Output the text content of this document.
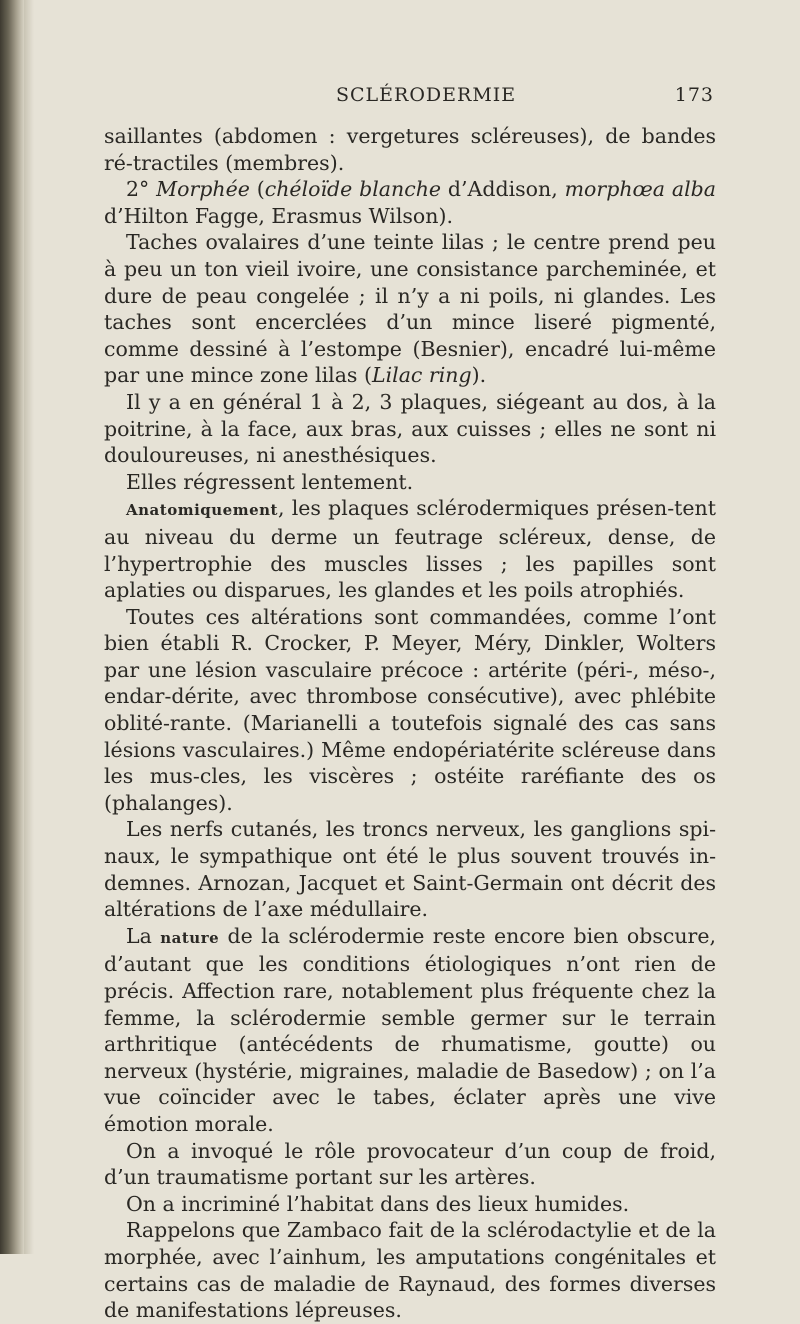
SCLÉRODERMIE	173

saillantes (abdomen : vergetures scléreuses), de bandes ré-tractiles (membres).

2° Morphée (chéloïde blanche d’Addison, morphœa alba d’Hilton Fagge, Erasmus Wilson).

Taches ovalaires d’une teinte lilas ; le centre prend peu à peu un ton vieil ivoire, une consistance parcheminée, et dure de peau congelée ; il n’y a ni poils, ni glandes. Les taches sont encerclées d’un mince liseré pigmenté, comme dessiné à l’estompe (Besnier), encadré lui-même par une mince zone lilas (Lilac ring).

Il y a en général 1 à 2, 3 plaques, siégeant au dos, à la poitrine, à la face, aux bras, aux cuisses ; elles ne sont ni douloureuses, ni anesthésiques.

Elles régressent lentement.

Anatomiquement, les plaques sclérodermiques présen-tent au niveau du derme un feutrage scléreux, dense, de l’hypertrophie des muscles lisses ; les papilles sont aplaties ou disparues, les glandes et les poils atrophiés.

Toutes ces altérations sont commandées, comme l’ont bien établi R. Crocker, P. Meyer, Méry, Dinkler, Wolters par une lésion vasculaire précoce : artérite (péri-, méso-, endar-dérite, avec thrombose consécutive), avec phlébite oblité-rante. (Marianelli a toutefois signalé des cas sans lésions vasculaires.) Même endopériatérite scléreuse dans les mus-cles, les viscères ; ostéite raréfiante des os (phalanges).

Les nerfs cutanés, les troncs nerveux, les ganglions spi-naux, le sympathique ont été le plus souvent trouvés in-demnes. Arnozan, Jacquet et Saint-Germain ont décrit des altérations de l’axe médullaire.

La nature de la sclérodermie reste encore bien obscure, d’autant que les conditions étiologiques n’ont rien de précis. Affection rare, notablement plus fréquente chez la femme, la sclérodermie semble germer sur le terrain arthritique (antécédents de rhumatisme, goutte) ou nerveux (hystérie, migraines, maladie de Basedow) ; on l’a vue coïncider avec le tabes, éclater après une vive émotion morale.

On a invoqué le rôle provocateur d’un coup de froid, d’un traumatisme portant sur les artères.

On a incriminé l’habitat dans des lieux humides.

Rappelons que Zambaco fait de la sclérodactylie et de la morphée, avec l’ainhum, les amputations congénitales et certains cas de maladie de Raynaud, des formes diverses de manifestations lépreuses.
